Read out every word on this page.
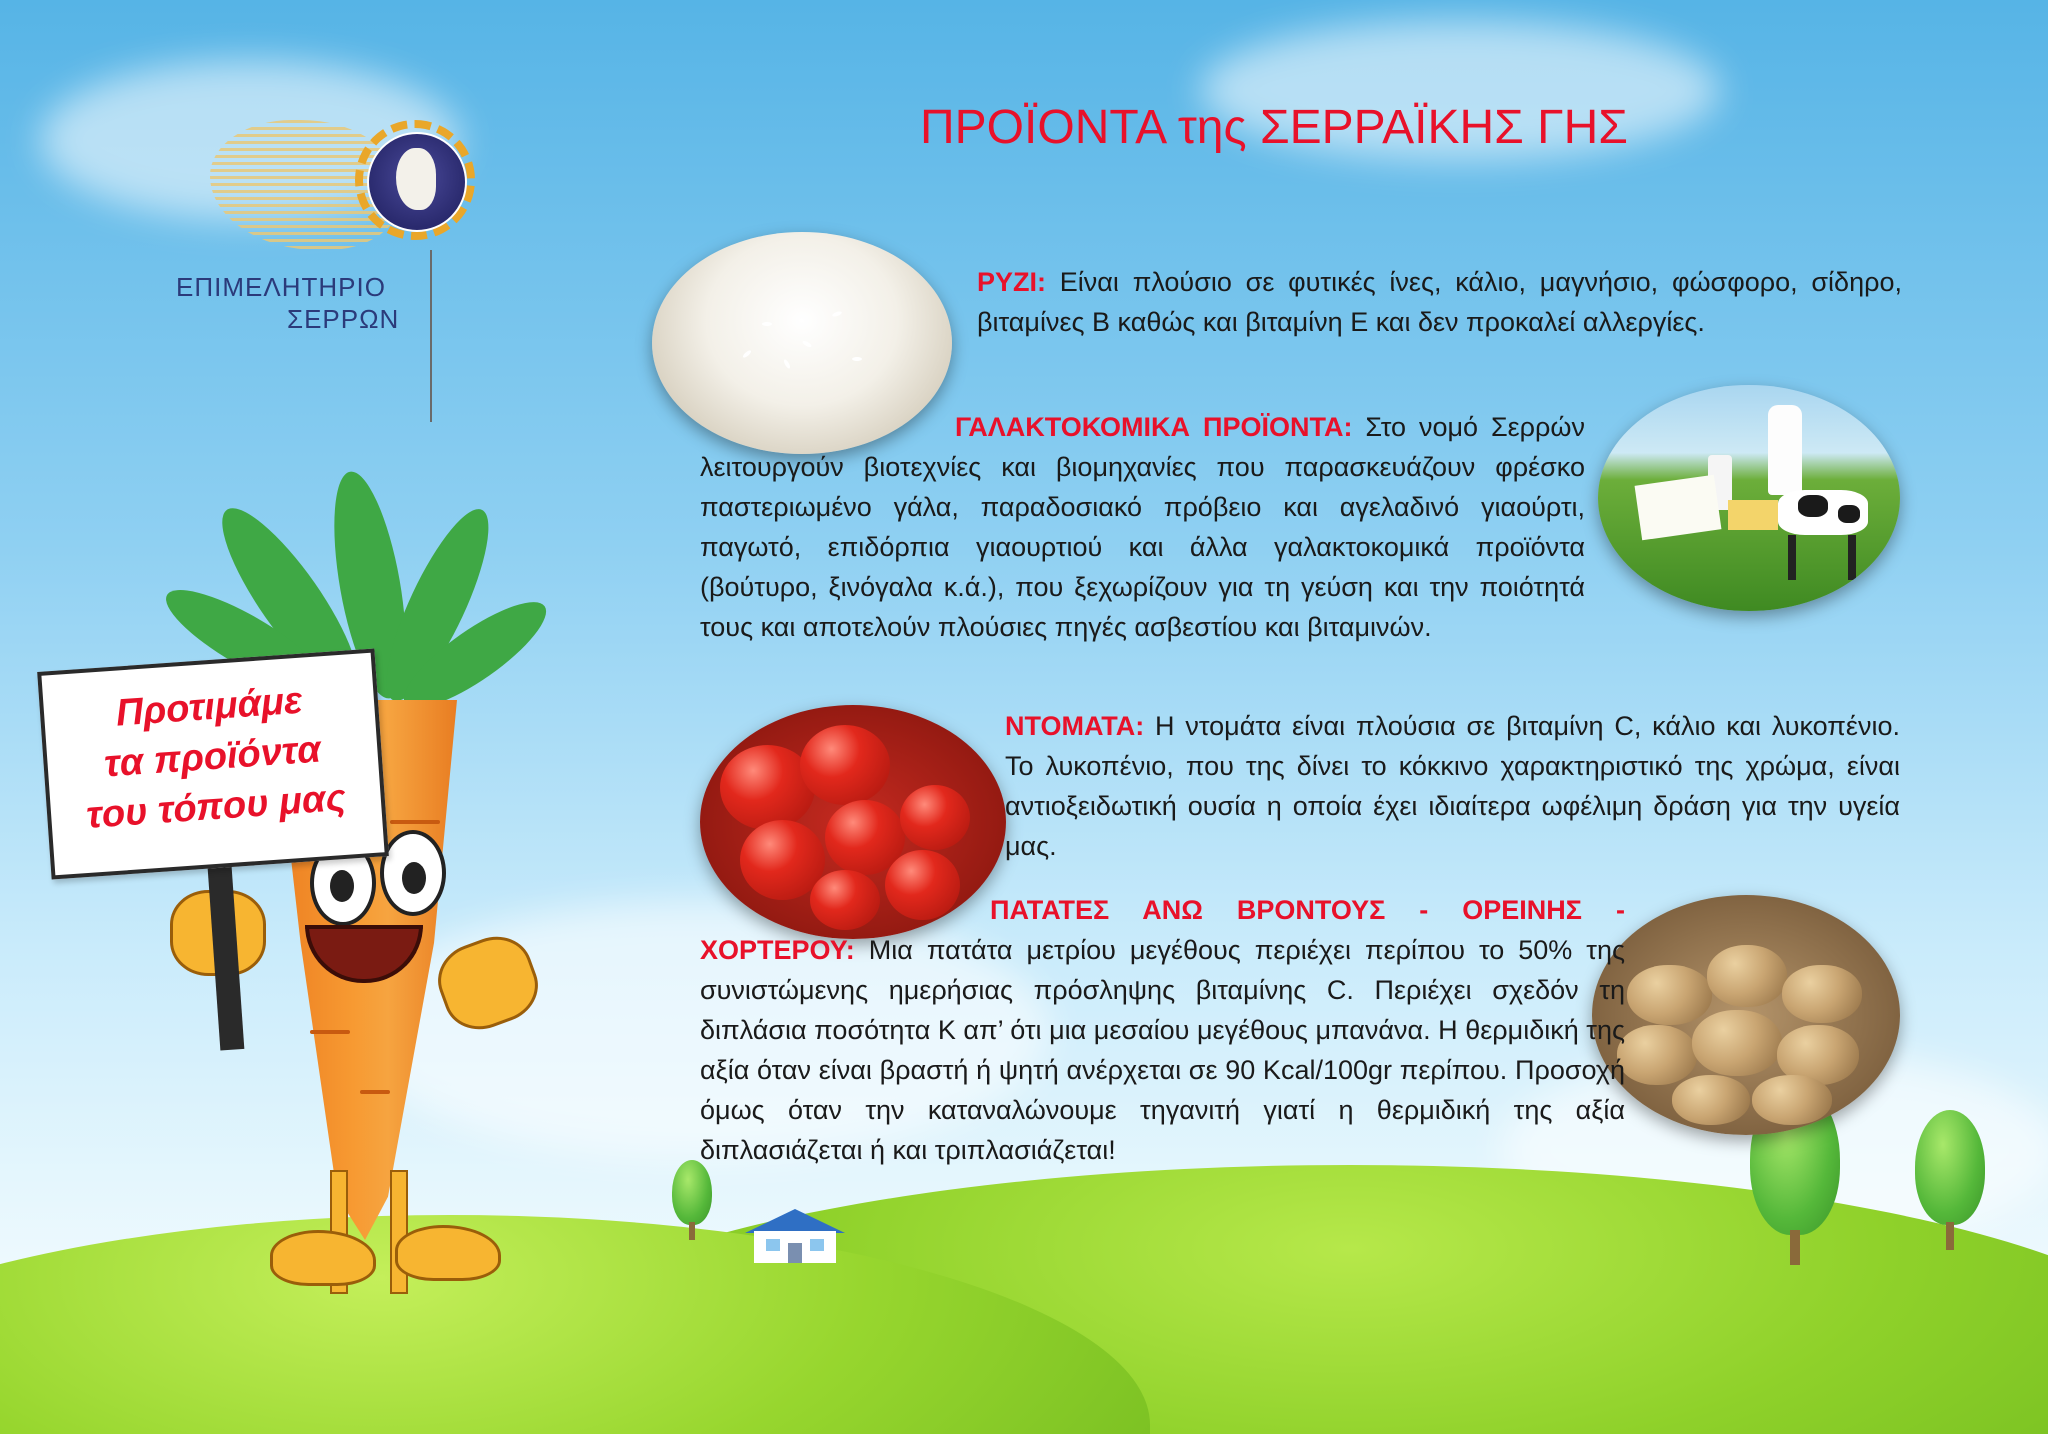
ΕΠΙΜΕΛΗΤΗΡΙΟ
ΣΕΡΡΩΝ
ΠΡΟΪΟΝΤΑ της ΣΕΡΡΑΪΚΗΣ ΓΗΣ
ΡΥΖΙ: Είναι πλούσιο σε φυτικές ίνες, κάλιο, μαγνήσιο, φώσφορο, σίδηρο, βιταμίνες Β καθώς και βιταμίνη Ε και δεν προκαλεί αλλεργίες.
ΓΑΛΑΚΤΟΚΟΜΙΚΑ ΠΡΟΪΟΝΤΑ: Στο νομό Σερρών λειτουργούν βιοτεχνίες και βιομηχανίες που παρασκευάζουν φρέσκο παστεριωμένο γάλα, παραδοσιακό πρόβειο και αγελαδινό γιαούρτι, παγωτό, επιδόρπια γιαουρτιού και άλλα γαλακτοκομικά προϊόντα (βούτυρο, ξινόγαλα κ.ά.), που ξεχωρίζουν για τη γεύση και την ποιότητά τους και αποτελούν πλούσιες πηγές ασβεστίου και βιταμινών.
ΝΤΟΜΑΤΑ: Η ντομάτα είναι πλούσια σε βιταμίνη C, κάλιο και λυκοπένιο. Το λυκοπένιο, που της δίνει το κόκκινο χαρακτηριστικό της χρώμα, είναι αντιοξειδωτική ουσία η οποία έχει ιδιαίτερα ωφέλιμη δράση για την υγεία μας.
ΠΑΤΑΤΕΣ ΑΝΩ ΒΡΟΝΤΟΥΣ - ΟΡΕΙΝΗΣ - ΧΟΡΤΕΡΟΥ: Μια πατάτα μετρίου μεγέθους περιέχει περίπου το 50% της συνιστώμενης ημερήσιας πρόσληψης βιταμίνης C. Περιέχει σχεδόν τη διπλάσια ποσότητα Κ απ’ ότι μια μεσαίου μεγέθους μπανάνα. Η θερμιδική της αξία όταν είναι βραστή ή ψητή ανέρχεται σε 90 Kcal/100gr περίπου. Προσοχή όμως όταν την καταναλώνουμε τηγανιτή γιατί η θερμιδική της αξία διπλασιάζεται ή και τριπλασιάζεται!
Προτιμάμε
τα προϊόντα
του τόπου μας
